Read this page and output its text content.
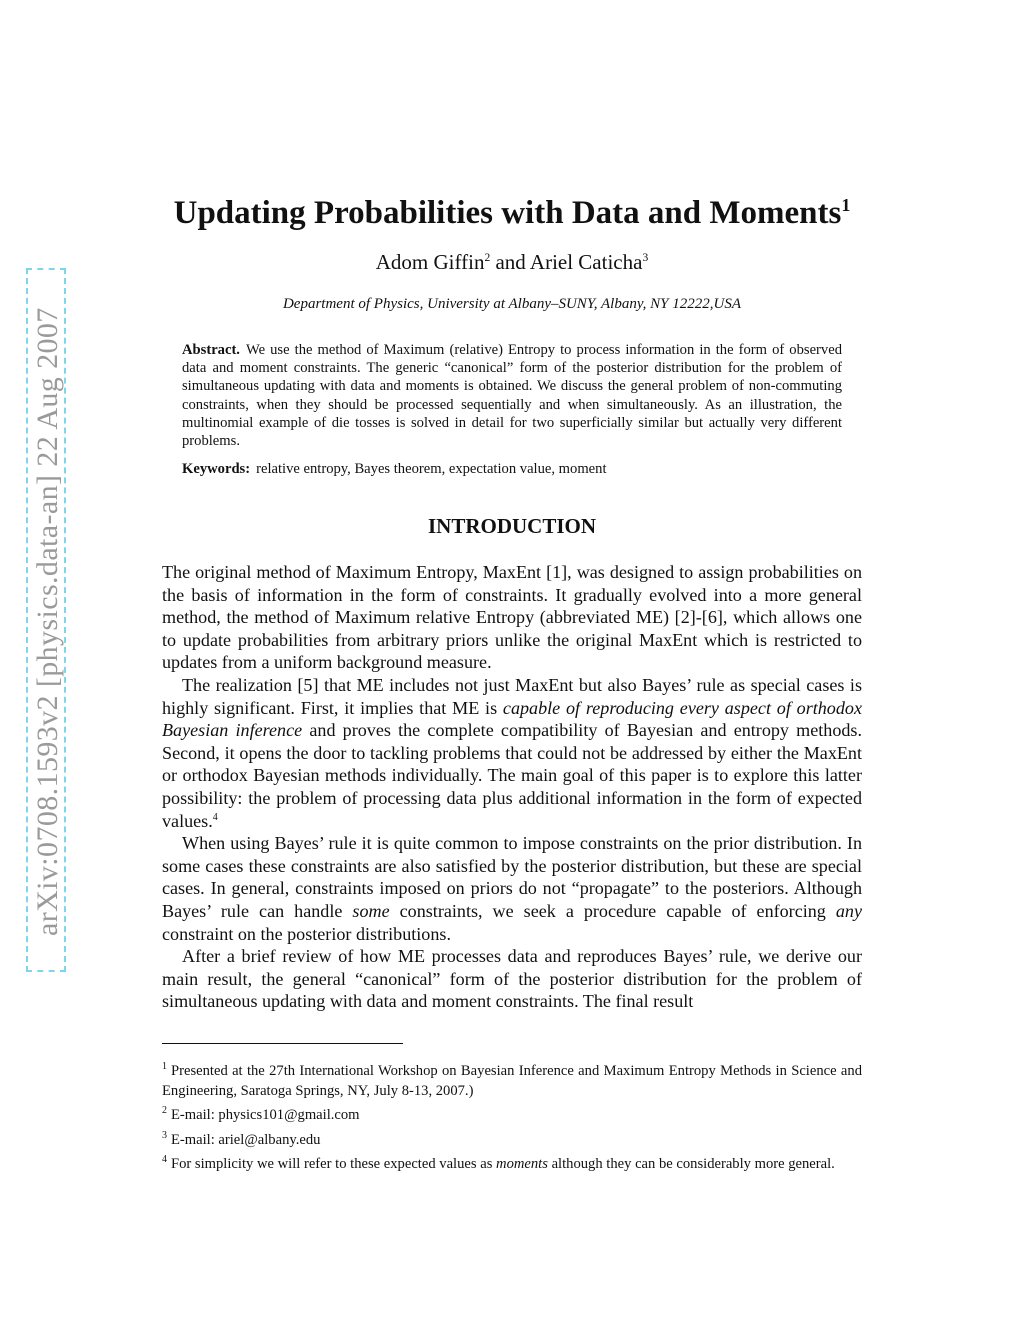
arXiv:0708.1593v2 [physics.data-an] 22 Aug 2007
Updating Probabilities with Data and Moments$^1$
Adom Giffin$^2$ and Ariel Caticha$^3$
Department of Physics, University at Albany–SUNY, Albany, NY 12222,USA

Abstract. We use the method of Maximum (relative) Entropy to process information in the form of observed data and moment constraints. The generic “canonical” form of the posterior distribution for the problem of simultaneous updating with data and moments is obtained. We discuss the general problem of non-commuting constraints, when they should be processed sequentially and when simultaneously. As an illustration, the multinomial example of die tosses is solved in detail for two superficially similar but actually very different problems.

Keywords: relative entropy, Bayes theorem, expectation value, moment

INTRODUCTION

The original method of Maximum Entropy, MaxEnt [1], was designed to assign probabilities on the basis of information in the form of constraints. It gradually evolved into a more general method, the method of Maximum relative Entropy (abbreviated ME) [2]-[6], which allows one to update probabilities from arbitrary priors unlike the original MaxEnt which is restricted to updates from a uniform background measure.

The realization [5] that ME includes not just MaxEnt but also Bayes’ rule as special cases is highly significant. First, it implies that ME is capable of reproducing every aspect of orthodox Bayesian inference and proves the complete compatibility of Bayesian and entropy methods. Second, it opens the door to tackling problems that could not be addressed by either the MaxEnt or orthodox Bayesian methods individually. The main goal of this paper is to explore this latter possibility: the problem of processing data plus additional information in the form of expected values.$^4$

When using Bayes’ rule it is quite common to impose constraints on the prior distribution. In some cases these constraints are also satisfied by the posterior distribution, but these are special cases. In general, constraints imposed on priors do not “propagate” to the posteriors. Although Bayes’ rule can handle some constraints, we seek a procedure capable of enforcing any constraint on the posterior distributions.

After a brief review of how ME processes data and reproduces Bayes’ rule, we derive our main result, the general “canonical” form of the posterior distribution for the problem of simultaneous updating with data and moment constraints. The final result

$^1$ Presented at the 27th International Workshop on Bayesian Inference and Maximum Entropy Methods in Science and Engineering, Saratoga Springs, NY, July 8-13, 2007.)

$^2$ E-mail: physics101@gmail.com

$^3$ E-mail: ariel@albany.edu

$^4$ For simplicity we will refer to these expected values as moments although they can be considerably more general.
